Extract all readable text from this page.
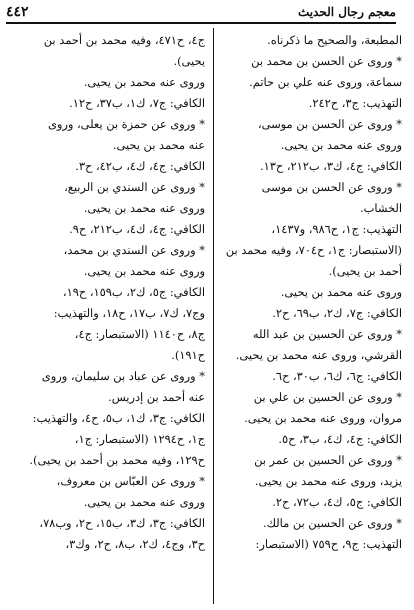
معجم رجال الحديث
٤٤٢
المطبعة، والصحيح ما ذكرناه.
* وروى عن الحسن بن محمد بن
سماعة، وروى عنه علي بن حاتم.
التهذيب: ج٣، ح٢٤٢.
* وروى عن الحسن بن موسى،
وروى عنه محمد بن يحيى.
الكافي: ج٤، ك٣، ب٢١٢، ح١٣.
* وروى عن الحسن بن موسى
الخشاب.
التهذيب: ج١، ح٩٨٦، و١٤٣٧،
(الاستبصار: ج١، ح٧٠٤، وفيه محمد بن
أحمد بن يحيى).
وروى عنه محمد بن يحيى.
الكافي: ج٧، ك٢، ب٦٩، ح٢.
* وروى عن الحسين بن عبد الله
القرشي، وروى عنه محمد بن يحيى.
الكافي: ج٦، ك٦، ب٣٠، ح٦.
* وروى عن الحسين بن علي بن
مروان، وروى عنه محمد بن يحيى.
الكافي: ج٤، ك٤، ب٣، ح٥.
* وروى عن الحسين بن عمر بن
يزيد، وروى عنه محمد بن يحيى.
الكافي: ج٥، ك٤، ب٧٢، ح٢.
* وروى عن الحسين بن مالك.
التهذيب: ج٩، ح٧٥٩ (الاستبصار:
ج٤، ح٤٧١، وفيه محمد بن أحمد بن
يحيى).
وروى عنه محمد بن يحيى.
الكافي: ج٧، ك١، ب٣٧، ح١٢.
* وروى عن حمزة بن يعلى، وروى
عنه محمد بن يحيى.
الكافي: ج٤، ك٤، ب٤٢، ح٣.
* وروى عن السندي بن الربيع،
وروى عنه محمد بن يحيى.
الكافي: ج٤، ك٤، ب٢١٢، ح٩.
* وروى عن السندي بن محمد،
وروى عنه محمد بن يحيى.
الكافي: ج٥، ك٢، ب١٥٩، ح١٩،
وج٧، ك٧، ب١٧، ح١٨، والتهذيب:
ج٨، ح١١٤٠ (الاستبصار: ج٤،
ح١٩١).
* وروى عن عباد بن سليمان، وروى
عنه أحمد بن إدريس.
الكافي: ج٣، ك١، ب٥، ح٤، والتهذيب:
ج١، ح١٢٩٤ (الاستبصار: ج١،
ح١٢٩، وفيه محمد بن أحمد بن يحيى).
* وروى عن العبّاس بن معروف،
وروى عنه محمد بن يحيى.
الكافي: ج٣، ك٣، ب١٥، ح٢، وب٧٨،
ح٣، وج٤، ك٢، ب٨، ح٢، وك٣،
